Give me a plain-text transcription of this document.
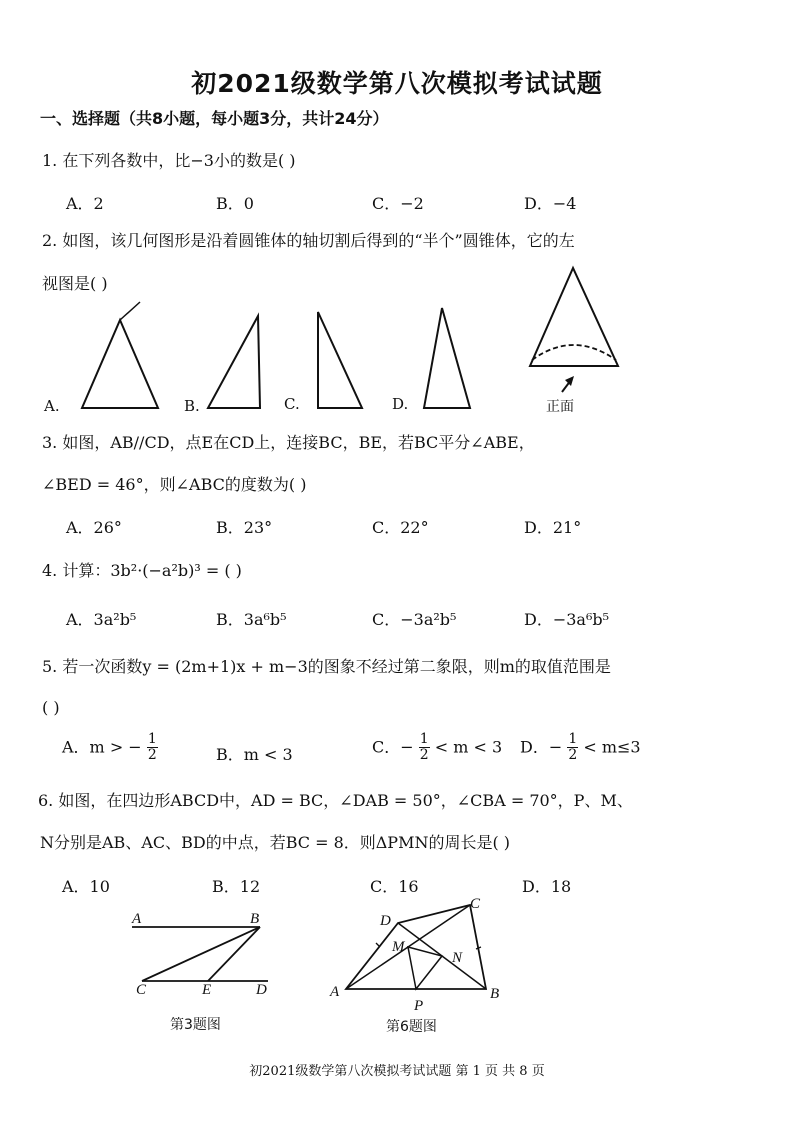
初2021级数学第八次模拟考试试题
一、选择题（共8小题，每小题3分，共计24分）
1. 在下列各数中，比−3小的数是( )
A．2	B．0	C．−2	D．−4
2. 如图，该几何图形是沿着圆锥体的轴切割后得到的“半个”圆锥体，它的左
视图是( )
A.	B.	C.	D.	正面
3. 如图，AB//CD，点E在CD上，连接BC，BE，若BC平分∠ABE，
∠BED = 46°，则∠ABC的度数为( )
A．26°	B．23°	C．22°	D．21°
4. 计算：3b²·(−a²b)³ = ( )
A．3a²b⁵	B．3a⁶b⁵	C．−3a²b⁵	D．−3a⁶b⁵
5. 若一次函数y = (2m+1)x + m−3的图象不经过第二象限，则m的取值范围是
( )
A．m > − $\frac{1}{2}$	B．m < 3	C．− $\frac{1}{2} < m < 3$ D．− $\frac{1}{2} < m\le 3$
6. 如图，在四边形ABCD中，AD = BC，∠DAB = 50°，∠CBA = 70°，P、M、
N分别是AB、AC、BD的中点，若BC = 8．则ΔPMN的周长是( )
A．10	B．12	C．16	D．18
A	B
C	E	D
第3题图
D
C
M
N
A
P
B
第6题图
初2021级数学第八次模拟考试试题 第 1 页 共 8 页
